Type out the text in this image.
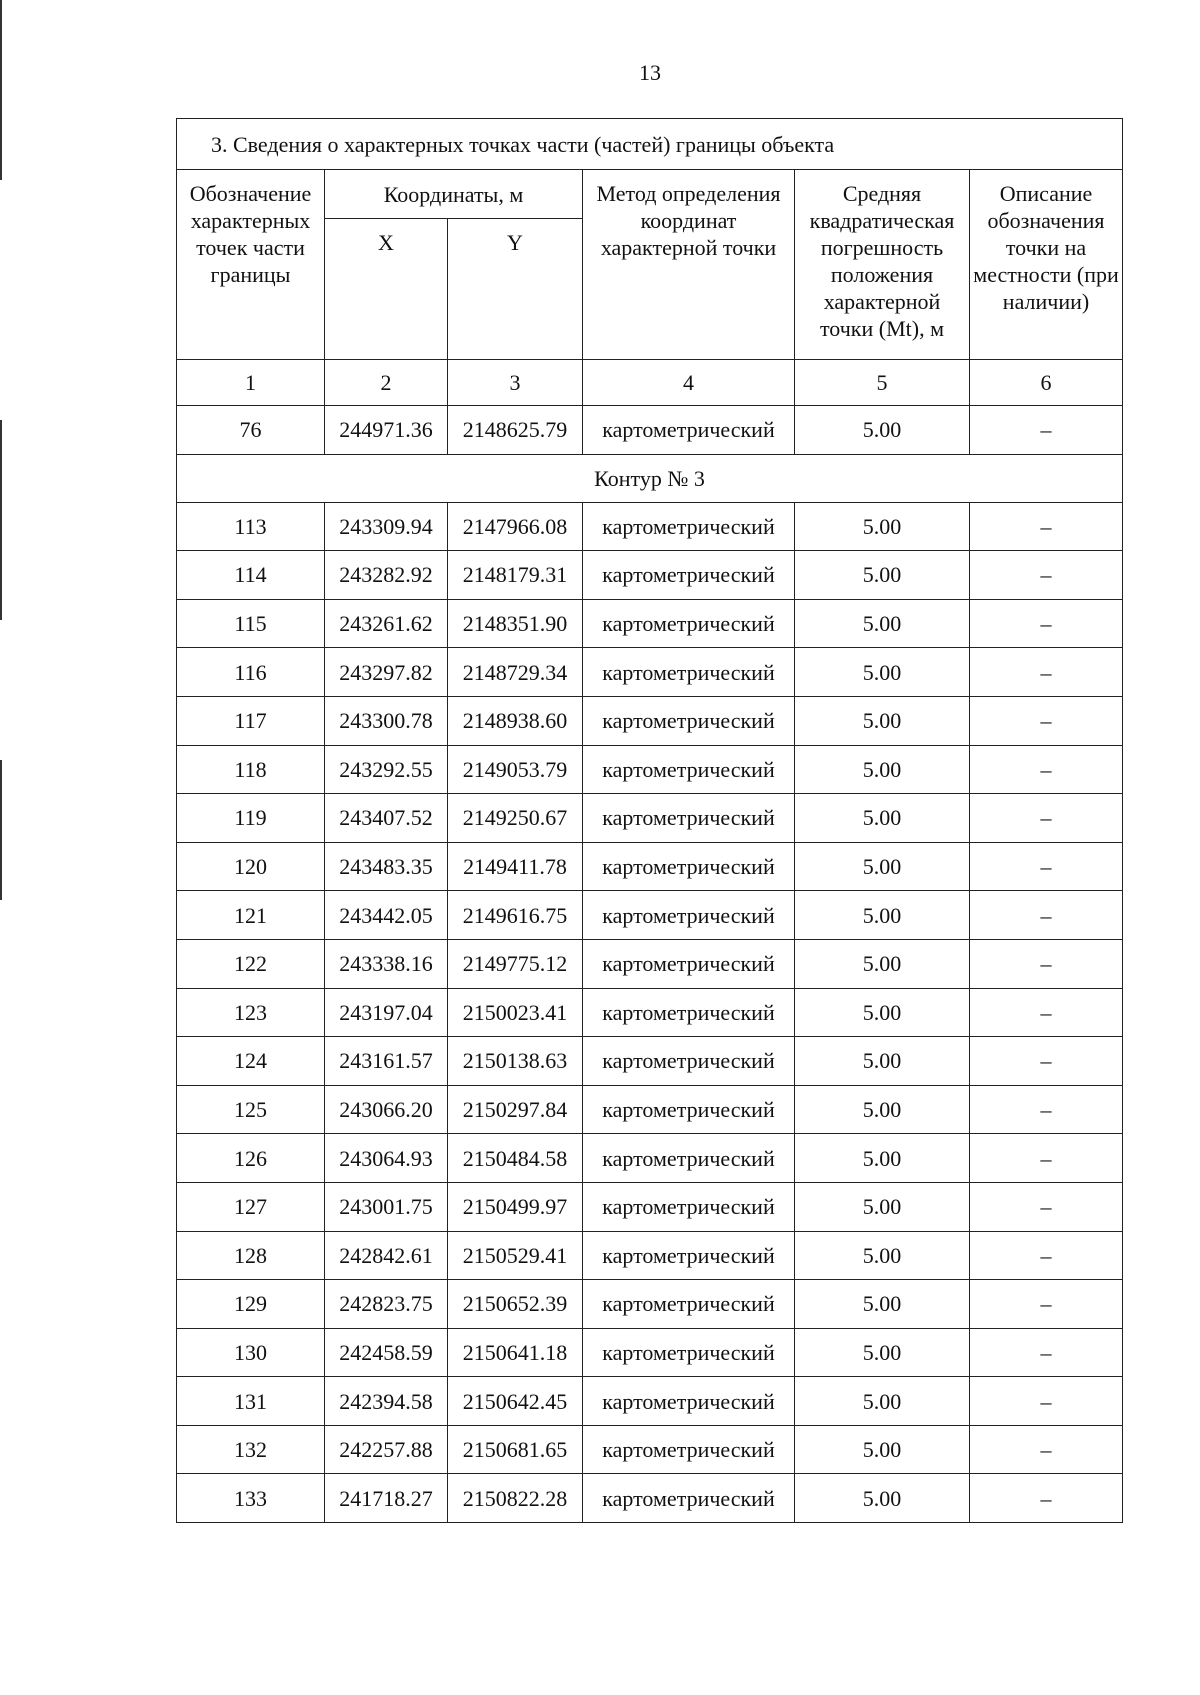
13
3. Сведения о характерных точках части (частей) границы объекта					
Обозначение характерных точек части границы	Координаты, м		Метод определения координат характерной точки	Средняя квадратическая погрешность положения характерной точки (Mt), м	Описание обозначения точки на местности (при наличии)
	X	Y			
1	2	3	4	5	6
76	244971.36	2148625.79	картометрический	5.00	–
Контур № 3					
113	243309.94	2147966.08	картометрический	5.00	–
114	243282.92	2148179.31	картометрический	5.00	–
115	243261.62	2148351.90	картометрический	5.00	–
116	243297.82	2148729.34	картометрический	5.00	–
117	243300.78	2148938.60	картометрический	5.00	–
118	243292.55	2149053.79	картометрический	5.00	–
119	243407.52	2149250.67	картометрический	5.00	–
120	243483.35	2149411.78	картометрический	5.00	–
121	243442.05	2149616.75	картометрический	5.00	–
122	243338.16	2149775.12	картометрический	5.00	–
123	243197.04	2150023.41	картометрический	5.00	–
124	243161.57	2150138.63	картометрический	5.00	–
125	243066.20	2150297.84	картометрический	5.00	–
126	243064.93	2150484.58	картометрический	5.00	–
127	243001.75	2150499.97	картометрический	5.00	–
128	242842.61	2150529.41	картометрический	5.00	–
129	242823.75	2150652.39	картометрический	5.00	–
130	242458.59	2150641.18	картометрический	5.00	–
131	242394.58	2150642.45	картометрический	5.00	–
132	242257.88	2150681.65	картометрический	5.00	–
133	241718.27	2150822.28	картометрический	5.00	–
